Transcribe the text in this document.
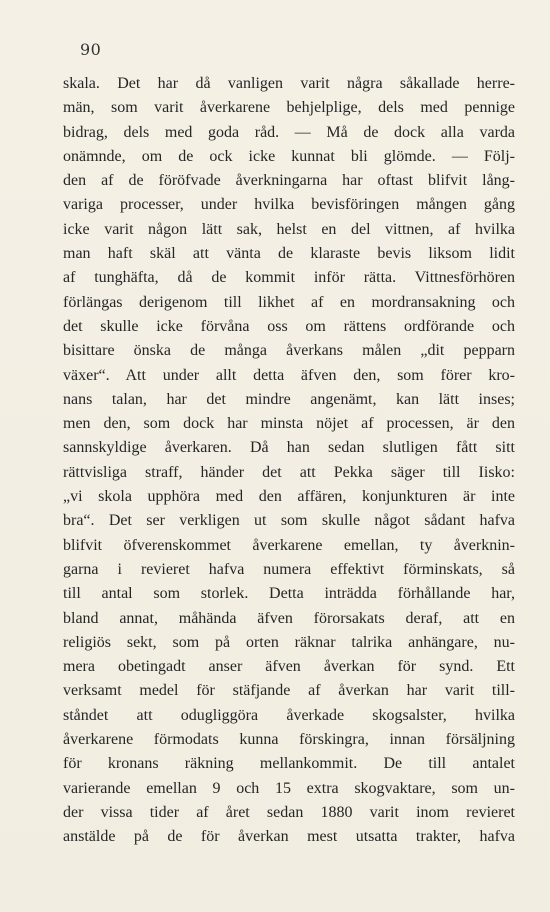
90
skala. Det har då vanligen varit några såkallade herre-
män, som varit åverkarene behjelplige, dels med pennige
bidrag, dels med goda råd. — Må de dock alla varda
onämnde, om de ock icke kunnat bli glömde. — Följ-
den af de föröfvade åverkningarna har oftast blifvit lång-
variga processer, under hvilka bevisföringen mången gång
icke varit någon lätt sak, helst en del vittnen, af hvilka
man haft skäl att vänta de klaraste bevis liksom lidit
af tunghäfta, då de kommit inför rätta. Vittnesförhören
förlängas derigenom till likhet af en mordransakning och
det skulle icke förvåna oss om rättens ordförande och
bisittare önska de många åverkans målen „dit pepparn
växer“. Att under allt detta äfven den, som förer kro-
nans talan, har det mindre angenämt, kan lätt inses;
men den, som dock har minsta nöjet af processen, är den
sannskyldige åverkaren. Då han sedan slutligen fått sitt
rättvisliga straff, händer det att Pekka säger till Iisko:
„vi skola upphöra med den affären, konjunkturen är inte
bra“. Det ser verkligen ut som skulle något sådant hafva
blifvit öfverenskommet åverkarene emellan, ty åverknin-
garna i revieret hafva numera effektivt förminskats, så
till antal som storlek. Detta inträdda förhållande har,
bland annat, måhända äfven förorsakats deraf, att en
religiös sekt, som på orten räknar talrika anhängare, nu-
mera obetingadt anser äfven åverkan för synd. Ett
verksamt medel för stäfjande af åverkan har varit till-
ståndet att odugliggöra åverkade skogsalster, hvilka
åverkarene förmodats kunna förskingra, innan försäljning
för kronans räkning mellankommit. De till antalet
varierande emellan 9 och 15 extra skogvaktare, som un-
der vissa tider af året sedan 1880 varit inom revieret
anstälde på de för åverkan mest utsatta trakter, hafva
